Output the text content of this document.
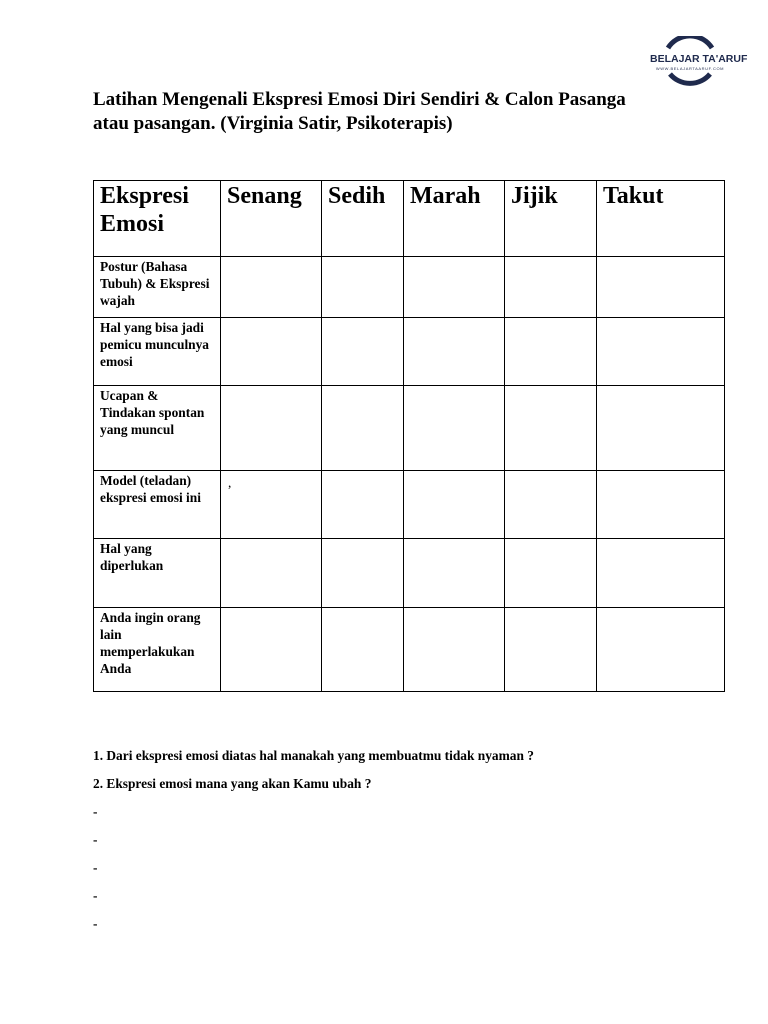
BELAJAR TA'ARUF
WWW.BELAJARTAARUF.COM
Latihan Mengenali Ekspresi Emosi Diri Sendiri & Calon Pasanga
atau pasangan. (Virginia Satir, Psikoterapis)
Ekspresi Emosi	Senang	Sedih	Marah	Jijik	Takut
Postur (Bahasa Tubuh) & Ekspresi wajah					
Hal yang bisa jadi pemicu munculnya emosi					
Ucapan & Tindakan spontan yang muncul					
Model (teladan) ekspresi emosi ini	,				
Hal yang diperlukan					
Anda ingin orang lain memperlakukan Anda					
1. Dari ekspresi emosi diatas hal manakah yang membuatmu tidak nyaman ?
2. Ekspresi emosi mana yang akan Kamu ubah ?
-
-
-
-
-
